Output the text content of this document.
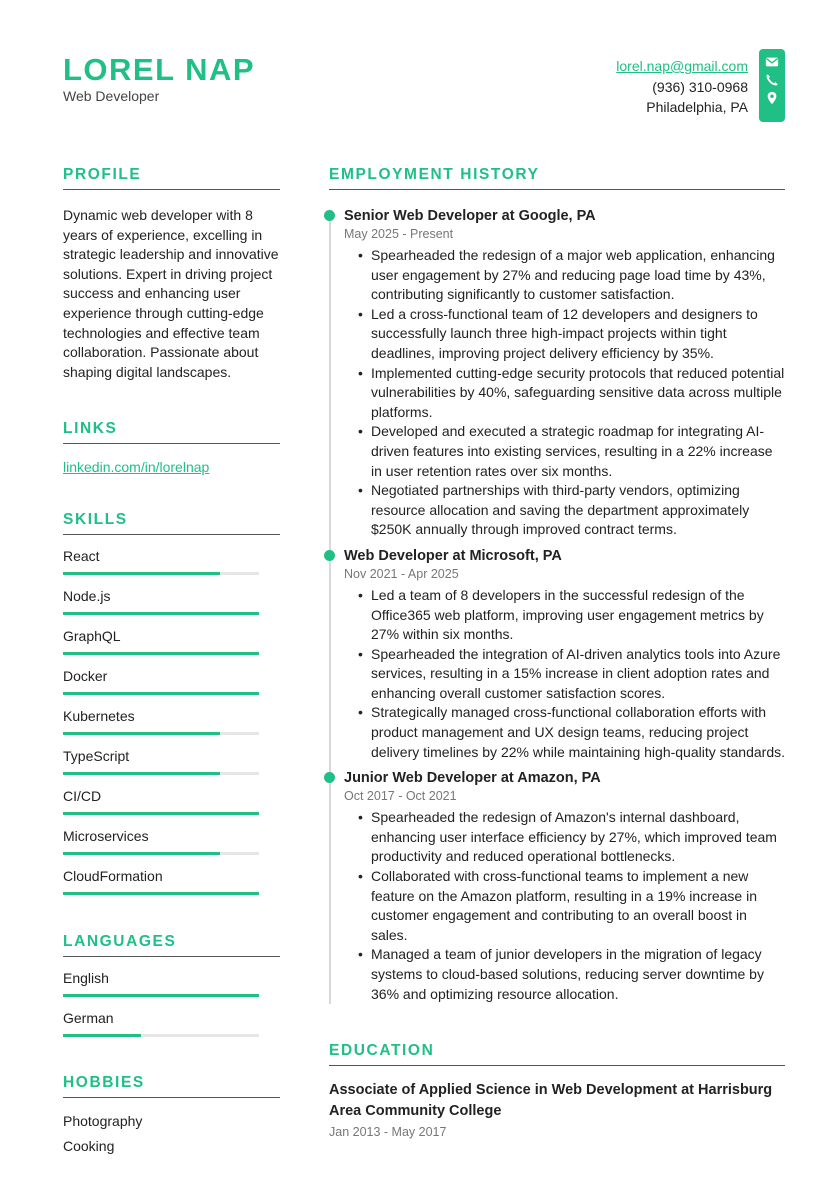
LOREL NAP
Web Developer
lorel.nap@gmail.com
(936) 310-0968
Philadelphia, PA
PROFILE
Dynamic web developer with 8 years of experience, excelling in strategic leadership and innovative solutions. Expert in driving project success and enhancing user experience through cutting-edge technologies and effective team collaboration. Passionate about shaping digital landscapes.
LINKS
linkedin.com/in/lorelnap
SKILLS
React
Node.js
GraphQL
Docker
Kubernetes
TypeScript
CI/CD
Microservices
CloudFormation
LANGUAGES
English
German
HOBBIES
Photography
Cooking
EMPLOYMENT HISTORY
Senior Web Developer at Google, PA
May 2025 - Present
• Spearheaded the redesign of a major web application, enhancing user engagement by 27% and reducing page load time by 43%, contributing significantly to customer satisfaction.
• Led a cross-functional team of 12 developers and designers to successfully launch three high-impact projects within tight deadlines, improving project delivery efficiency by 35%.
• Implemented cutting-edge security protocols that reduced potential vulnerabilities by 40%, safeguarding sensitive data across multiple platforms.
• Developed and executed a strategic roadmap for integrating AI-driven features into existing services, resulting in a 22% increase in user retention rates over six months.
• Negotiated partnerships with third-party vendors, optimizing resource allocation and saving the department approximately $250K annually through improved contract terms.
Web Developer at Microsoft, PA
Nov 2021 - Apr 2025
• Led a team of 8 developers in the successful redesign of the Office365 web platform, improving user engagement metrics by 27% within six months.
• Spearheaded the integration of AI-driven analytics tools into Azure services, resulting in a 15% increase in client adoption rates and enhancing overall customer satisfaction scores.
• Strategically managed cross-functional collaboration efforts with product management and UX design teams, reducing project delivery timelines by 22% while maintaining high-quality standards.
Junior Web Developer at Amazon, PA
Oct 2017 - Oct 2021
• Spearheaded the redesign of Amazon's internal dashboard, enhancing user interface efficiency by 27%, which improved team productivity and reduced operational bottlenecks.
• Collaborated with cross-functional teams to implement a new feature on the Amazon platform, resulting in a 19% increase in customer engagement and contributing to an overall boost in sales.
• Managed a team of junior developers in the migration of legacy systems to cloud-based solutions, reducing server downtime by 36% and optimizing resource allocation.
EDUCATION
Associate of Applied Science in Web Development at Harrisburg Area Community College
Jan 2013 - May 2017
